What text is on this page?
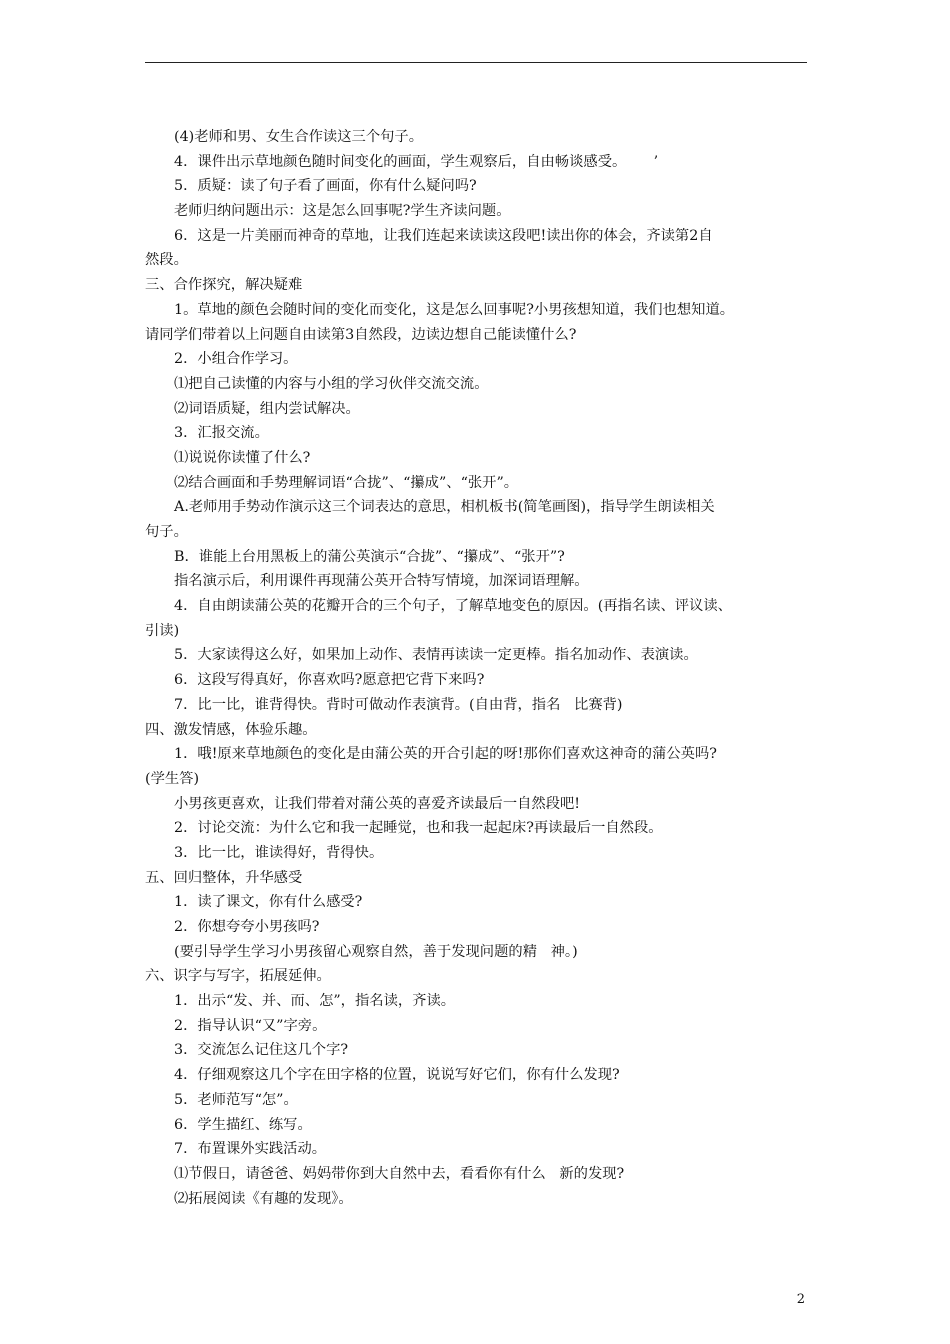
(4)老师和男、女生合作读这三个句子。
4．课件出示草地颜色随时间变化的画面，学生观察后，自由畅谈感受。      ’
5．质疑：读了句子看了画面，你有什么疑问吗?
老师归纳问题出示：这是怎么回事呢?学生齐读问题。
6．这是一片美丽而神奇的草地，让我们连起来读读这段吧!读出你的体会，齐读第2自
然段。
三、合作探究，解决疑难
1。草地的颜色会随时间的变化而变化，这是怎么回事呢?小男孩想知道，我们也想知道。
请同学们带着以上问题自由读第3自然段，边读边想自己能读懂什么?
2．小组合作学习。
⑴把自己读懂的内容与小组的学习伙伴交流交流。
⑵词语质疑，组内尝试解决。
3．汇报交流。
⑴说说你读懂了什么?
⑵结合画面和手势理解词语“合拢”、“攥成”、“张开”。
A.老师用手势动作演示这三个词表达的意思，相机板书(简笔画图)，指导学生朗读相关
句子。
B．谁能上台用黑板上的蒲公英演示“合拢”、“攥成”、“张开”?
指名演示后，利用课件再现蒲公英开合特写情境，加深词语理解。
4．自由朗读蒲公英的花瓣开合的三个句子，了解草地变色的原因。(再指名读、评议读、
引读)
5．大家读得这么好，如果加上动作、表情再读读一定更棒。指名加动作、表演读。
6．这段写得真好，你喜欢吗?愿意把它背下来吗?
7．比一比，谁背得快。背时可做动作表演背。(自由背，指名   比赛背)
四、激发情感，体验乐趣。
1．哦!原来草地颜色的变化是由蒲公英的开合引起的呀!那你们喜欢这神奇的蒲公英吗?
(学生答)
小男孩更喜欢，让我们带着对蒲公英的喜爱齐读最后一自然段吧!
2．讨论交流：为什么它和我一起睡觉，也和我一起起床?再读最后一自然段。
3．比一比，谁读得好，背得快。
五、回归整体，升华感受
1．读了课文，你有什么感受?
2．你想夸夸小男孩吗?
(要引导学生学习小男孩留心观察自然，善于发现问题的精   神。)
六、识字与写字，拓展延伸。
1．出示“发、并、而、怎”，指名读，齐读。
2．指导认识“又”字旁。
3．交流怎么记住这几个字?
4．仔细观察这几个字在田字格的位置，说说写好它们，你有什么发现?
5．老师范写“怎”。
6．学生描红、练写。
7．布置课外实践活动。
⑴节假日，请爸爸、妈妈带你到大自然中去，看看你有什么   新的发现?
⑵拓展阅读《有趣的发现》。
2
